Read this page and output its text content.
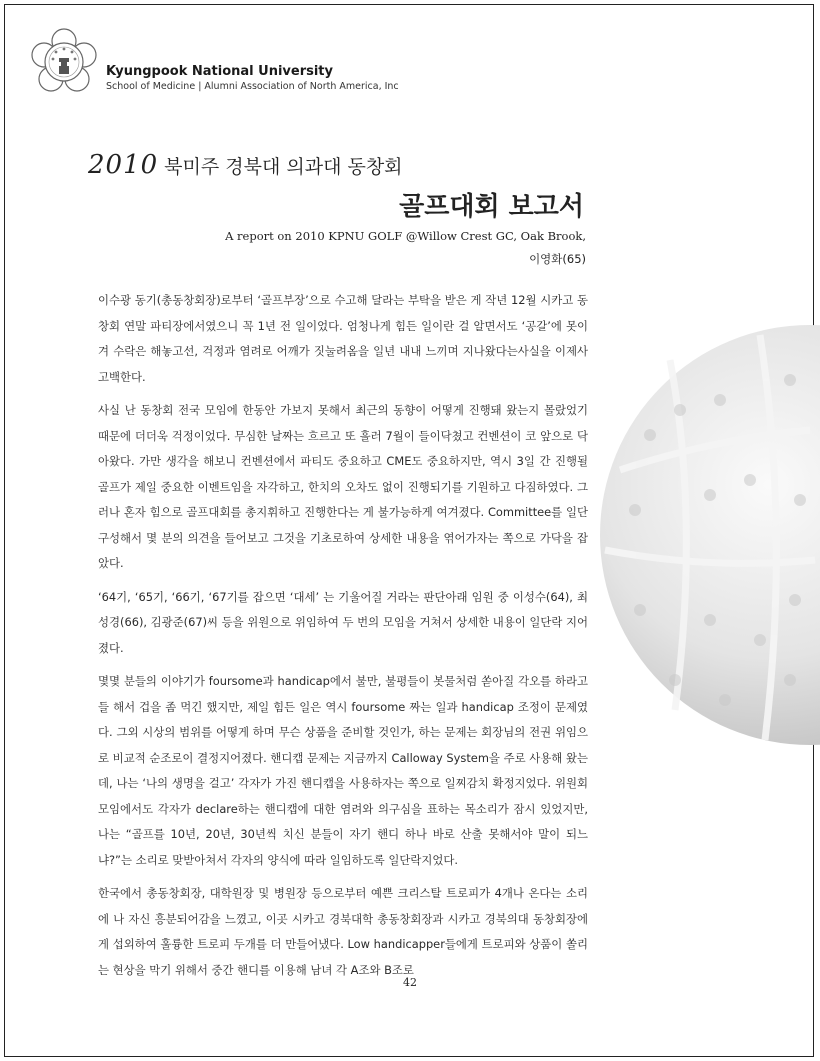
Kyungpook National University
School of Medicine | Alumni Association of North America, Inc
2010 북미주 경북대 의과대 동창회
골프대회 보고서
A report on 2010 KPNU GOLF @Willow Crest GC, Oak Brook,
이영화(65)

이수광 동기(총동창회장)로부터 ‘골프부장’으로 수고해 달라는 부탁을 받은 게 작년 12월 시카고 동창회 연말 파티장에서였으니 꼭 1년 전 일이었다. 엄청나게 힘든 일이란 걸 알면서도 ‘공갈’에 못이겨 수락은 해놓고선, 걱정과 염려로 어깨가 짓눌려옴을 일년 내내 느끼며 지나왔다는사실을 이제사 고백한다.

사실 난 동창회 전국 모임에 한동안 가보지 못해서 최근의 동향이 어떻게 진행돼 왔는지 몰랐었기 때문에 더더욱 걱정이었다. 무심한 날짜는 흐르고 또 흘러 7월이 들이닥쳤고 컨벤션이 코 앞으로 닥아왔다. 가만 생각을 해보니 컨벤션에서 파티도 중요하고 CME도 중요하지만, 역시 3일 간 진행될 골프가 제일 중요한 이벤트임을 자각하고, 한치의 오차도 없이 진행되기를 기원하고 다짐하였다. 그러나 혼자 힘으로 골프대회를 총지휘하고 진행한다는 게 불가능하게 여겨졌다. Committee를 일단 구성해서 몇 분의 의견을 들어보고 그것을 기초로하여 상세한 내용을 엮어가자는 쪽으로 가닥을 잡았다.

‘64기, ‘65기, ‘66기, ‘67기를 잡으면 ‘대세’ 는 기울어질 거라는 판단아래 임원 중 이성수(64), 최성경(66), 김광준(67)씨 등을 위원으로 위임하여 두 번의 모임을 거쳐서 상세한 내용이 일단락 지어졌다.

몇몇 분들의 이야기가 foursome과 handicap에서 불만, 불평들이 봇물처럼 쏟아질 각오를 하라고들 해서 겁을 좀 먹긴 했지만, 제일 힘든 일은 역시 foursome 짜는 일과 handicap 조정이 문제였다. 그외 시상의 범위를 어떻게 하며 무슨 상품을 준비할 것인가, 하는 문제는 회장님의 전권 위임으로 비교적 순조로이 결정지어졌다. 핸디캡 문제는 지금까지 Calloway System을 주로 사용해 왔는데, 나는 ‘나의 생명을 걸고’ 각자가 가진 핸디캡을 사용하자는 쪽으로 일찌감치 확정지었다. 위원회모임에서도 각자가 declare하는 핸디캡에 대한 염려와 의구심을 표하는 목소리가 잠시 있었지만, 나는 “골프를 10년, 20년, 30년씩 치신 분들이 자기 핸디 하나 바로 산출 못해서야 말이 되느냐?”는 소리로 맞받아쳐서 각자의 양식에 따라 일임하도록 일단락지었다.

한국에서 총동창회장, 대학원장 및 병원장 등으로부터 예쁜 크리스탈 트로피가 4개나 온다는 소리에 나 자신 흥분되어감을 느꼈고, 이곳 시카고 경북대학 총동창회장과 시카고 경북의대 동창회장에게 섭외하여 훌륭한 트로피 두개를 더 만들어냈다. Low handicapper들에게 트로피와 상품이 쏠리는 현상을 막기 위해서 중간 핸디를 이용해 남녀 각 A조와 B조로

42
